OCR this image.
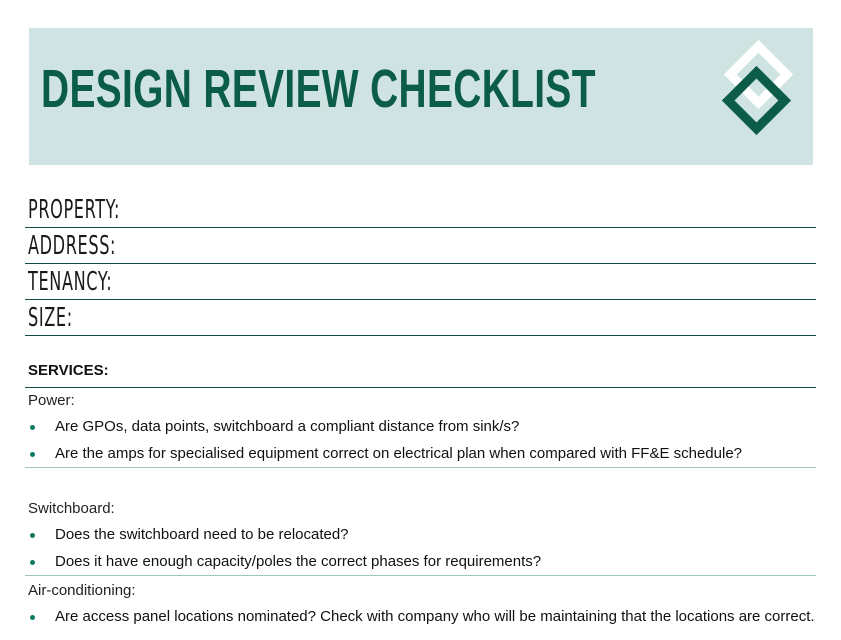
DESIGN REVIEW CHECKLIST
PROPERTY:
ADDRESS:
TENANCY:
SIZE:
SERVICES:
Power:
Are GPOs, data points, switchboard a compliant distance from sink/s?
Are the amps for specialised equipment correct on electrical plan when compared with FF&E schedule?
Switchboard:
Does the switchboard need to be relocated?
Does it have enough capacity/poles the correct phases for requirements?
Air-conditioning:
Are access panel locations nominated? Check with company who will be maintaining that the locations are correct.
